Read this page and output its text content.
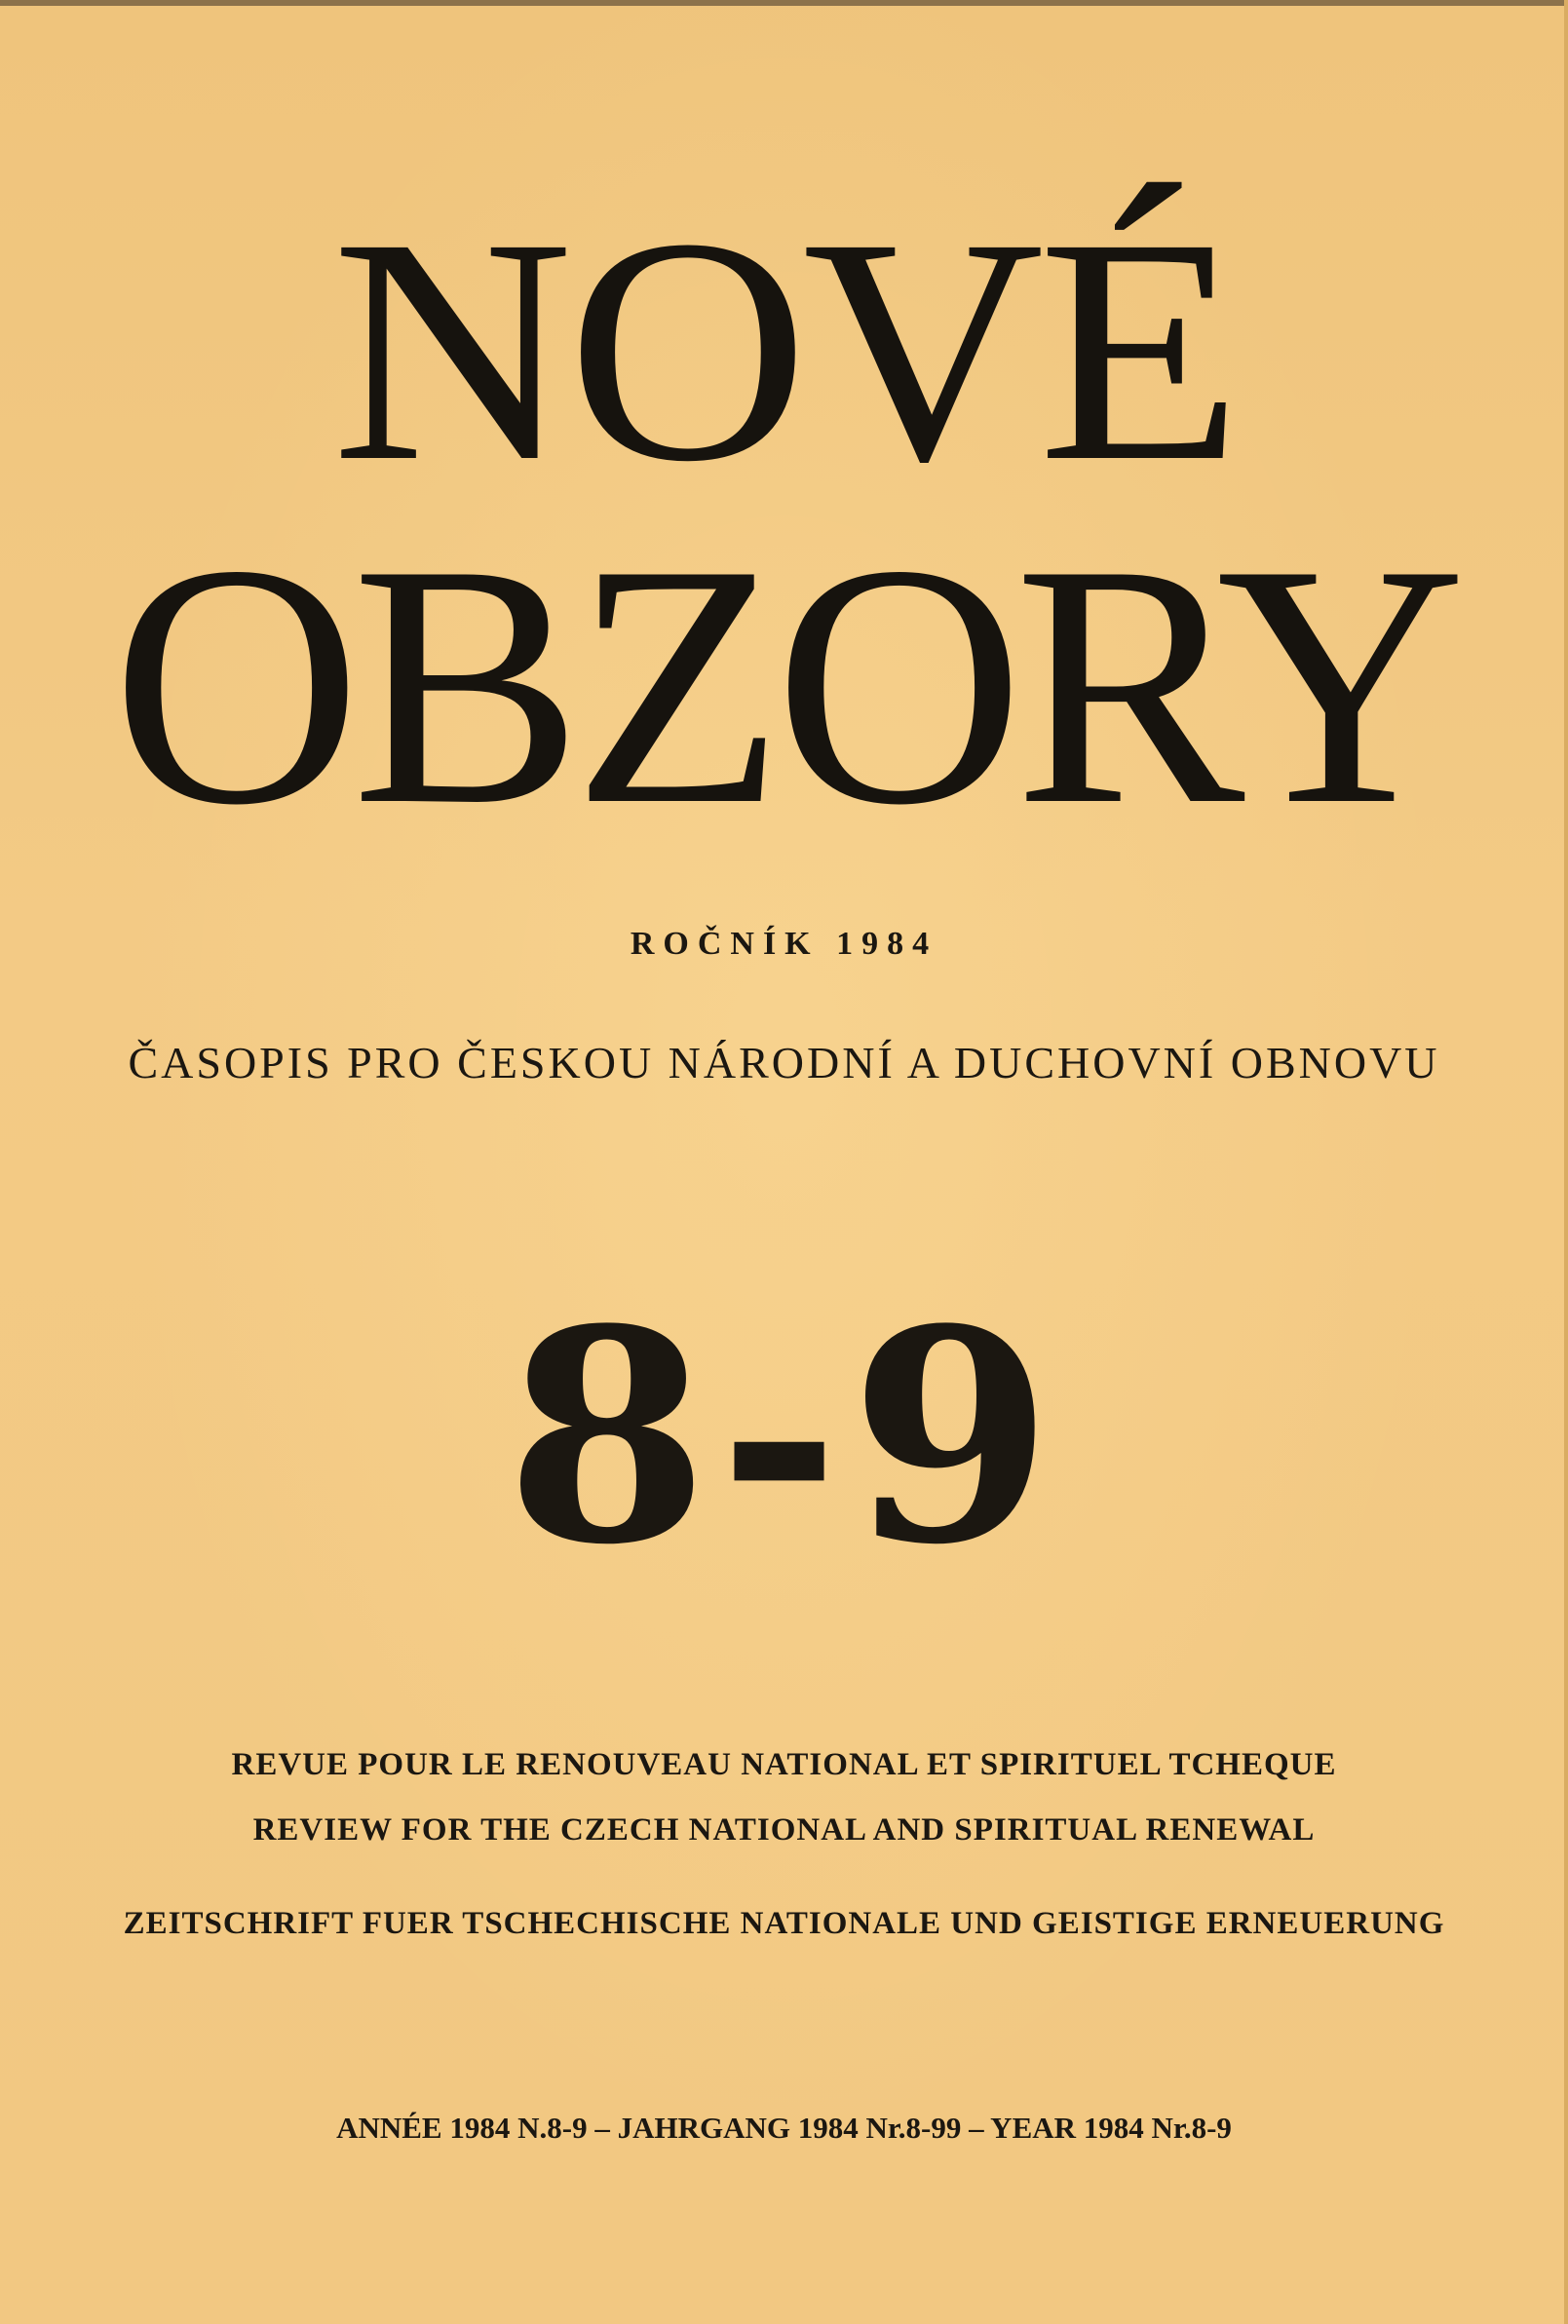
NOVÉ
OBZORY
ROČNÍK 1984
ČASOPIS PRO ČESKOU NÁRODNÍ A DUCHOVNÍ OBNOVU
8-9
REVUE POUR LE RENOUVEAU NATIONAL ET SPIRITUEL TCHEQUE
REVIEW FOR THE CZECH NATIONAL AND SPIRITUAL RENEWAL
ZEITSCHRIFT FUER TSCHECHISCHE NATIONALE UND GEISTIGE ERNEUERUNG
ANNÉE 1984 N.8-9 – JAHRGANG 1984 Nr.8-99 – YEAR 1984 Nr.8-9
